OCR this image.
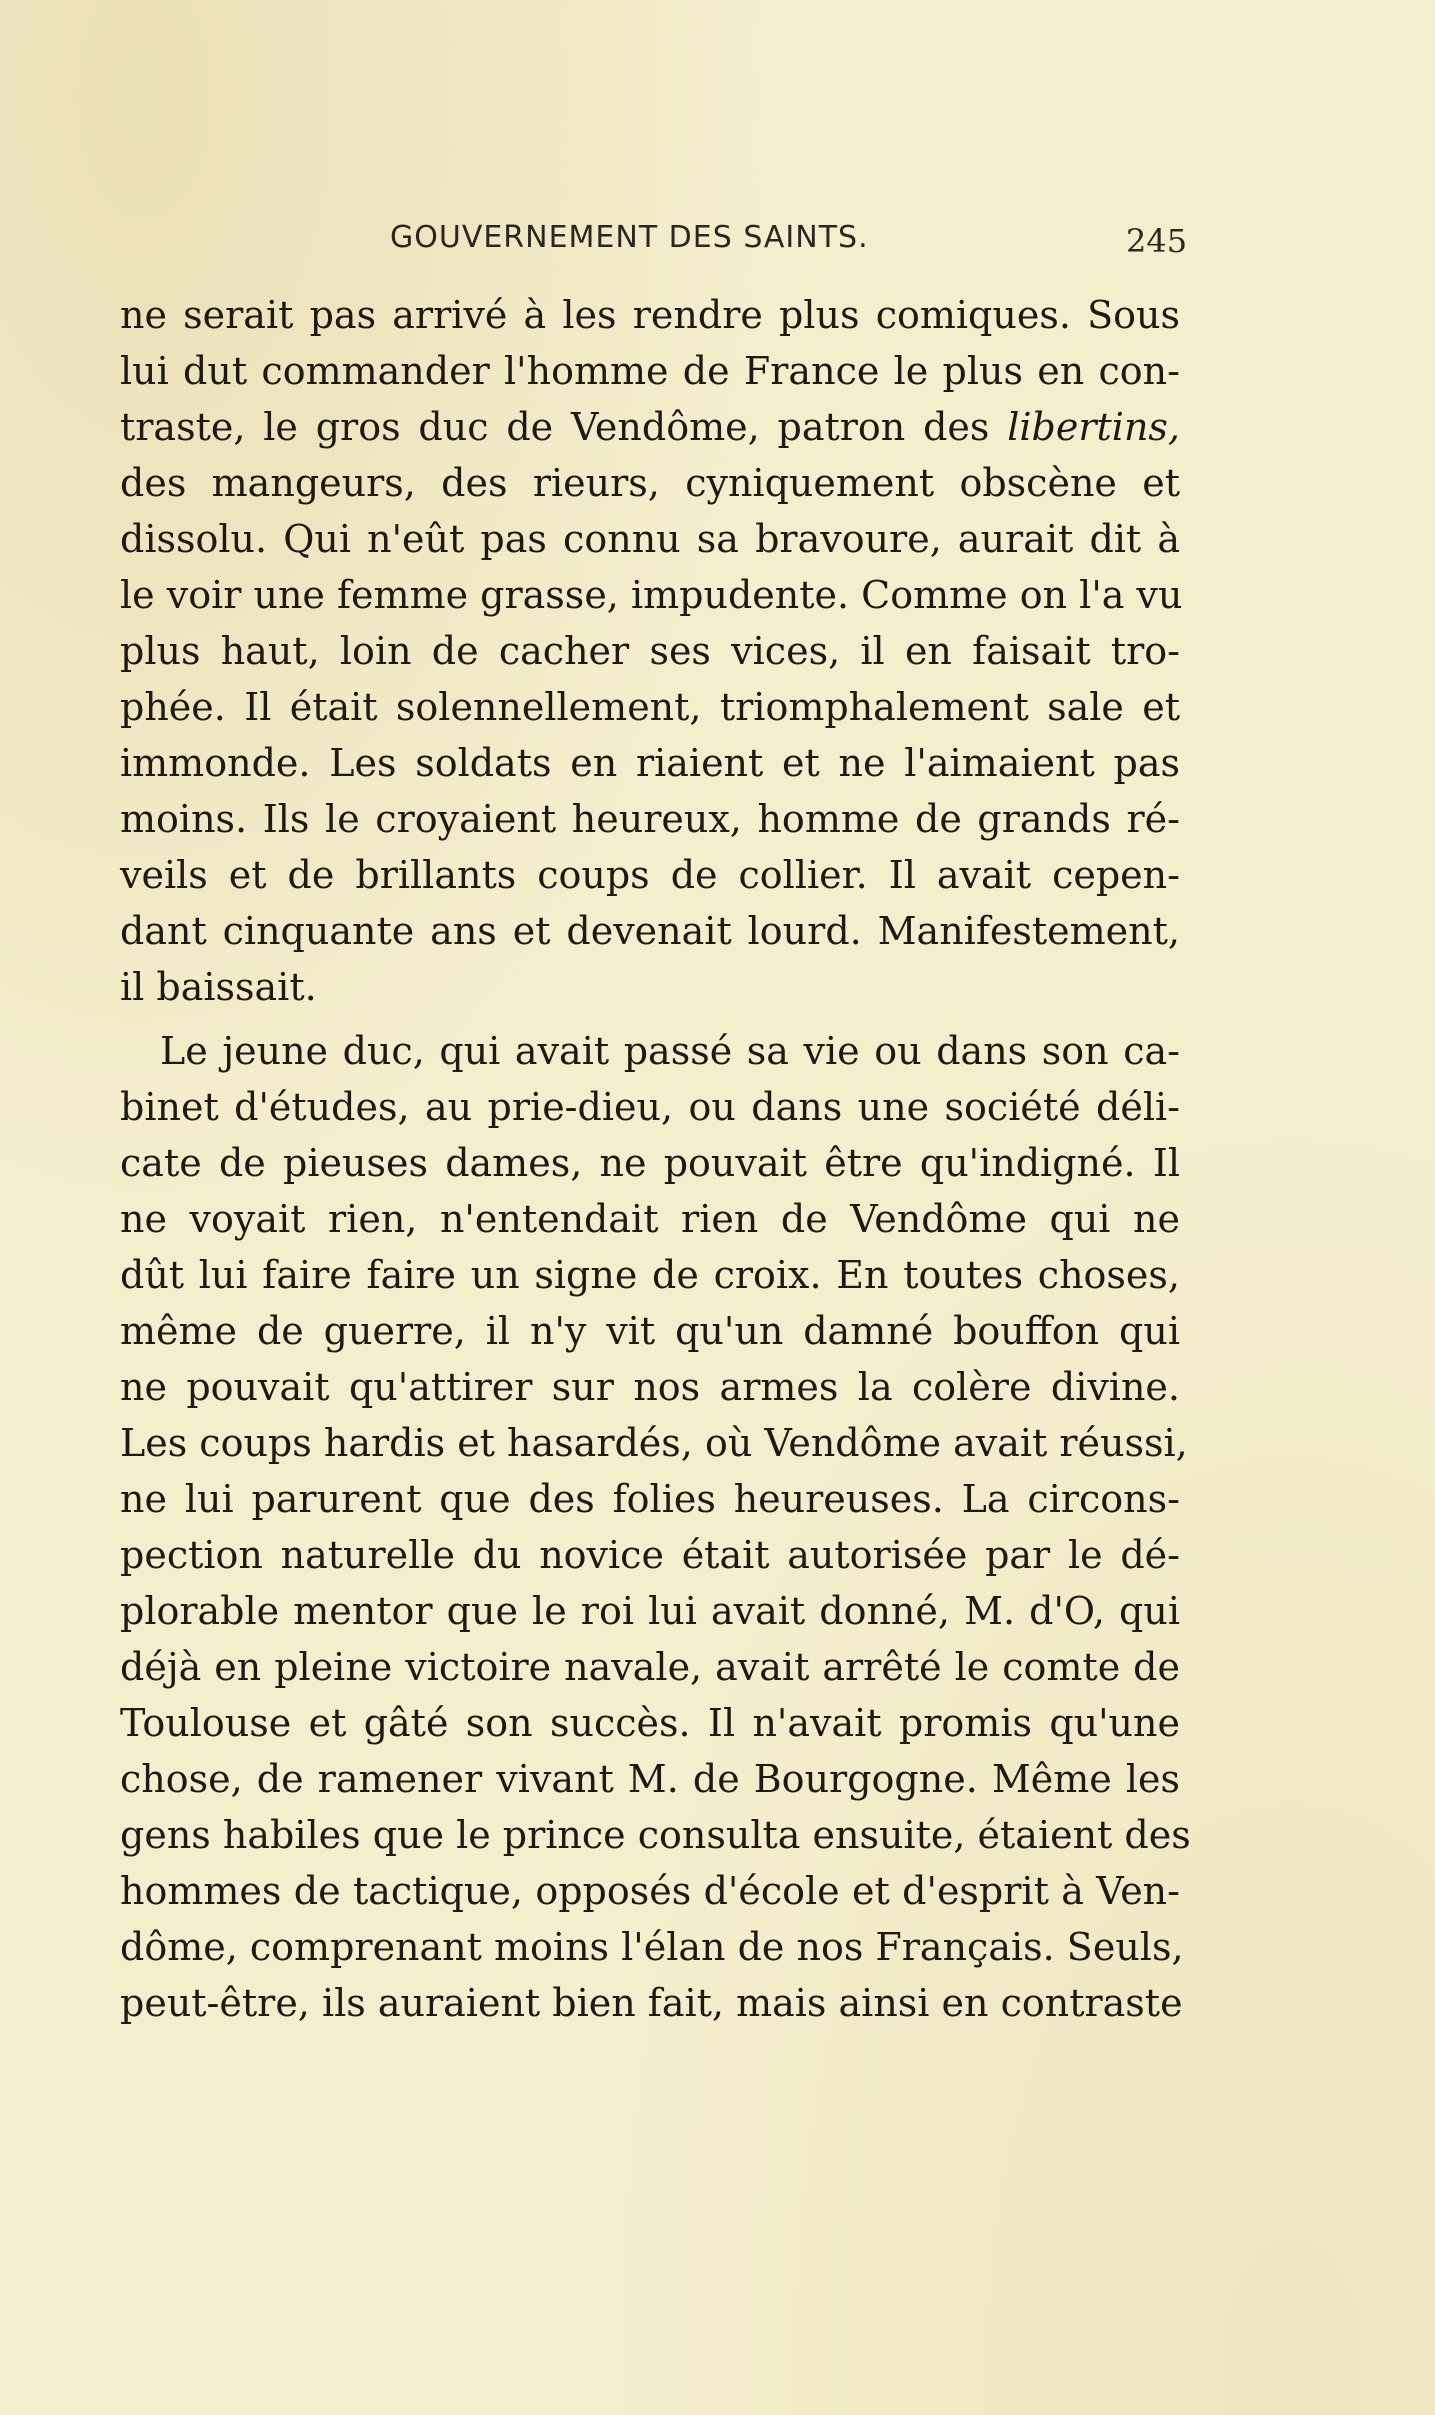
GOUVERNEMENT DES SAINTS.	245
ne serait pas arrivé à les rendre plus comiques. Sous
lui dut commander l'homme de France le plus en con-
traste, le gros duc de Vendôme, patron des libertins,
des mangeurs, des rieurs, cyniquement obscène et
dissolu. Qui n'eût pas connu sa bravoure, aurait dit à
le voir une femme grasse, impudente. Comme on l'a vu
plus haut, loin de cacher ses vices, il en faisait tro-
phée. Il était solennellement, triomphalement sale et
immonde. Les soldats en riaient et ne l'aimaient pas
moins. Ils le croyaient heureux, homme de grands ré-
veils et de brillants coups de collier. Il avait cepen-
dant cinquante ans et devenait lourd. Manifestement,
il baissait.
Le jeune duc, qui avait passé sa vie ou dans son ca-
binet d'études, au prie-dieu, ou dans une société déli-
cate de pieuses dames, ne pouvait être qu'indigné. Il
ne voyait rien, n'entendait rien de Vendôme qui ne
dût lui faire faire un signe de croix. En toutes choses,
même de guerre, il n'y vit qu'un damné bouffon qui
ne pouvait qu'attirer sur nos armes la colère divine.
Les coups hardis et hasardés, où Vendôme avait réussi,
ne lui parurent que des folies heureuses. La circons-
pection naturelle du novice était autorisée par le dé-
plorable mentor que le roi lui avait donné, M. d'O, qui
déjà en pleine victoire navale, avait arrêté le comte de
Toulouse et gâté son succès. Il n'avait promis qu'une
chose, de ramener vivant M. de Bourgogne. Même les
gens habiles que le prince consulta ensuite, étaient des
hommes de tactique, opposés d'école et d'esprit à Ven-
dôme, comprenant moins l'élan de nos Français. Seuls,
peut-être, ils auraient bien fait, mais ainsi en contraste
